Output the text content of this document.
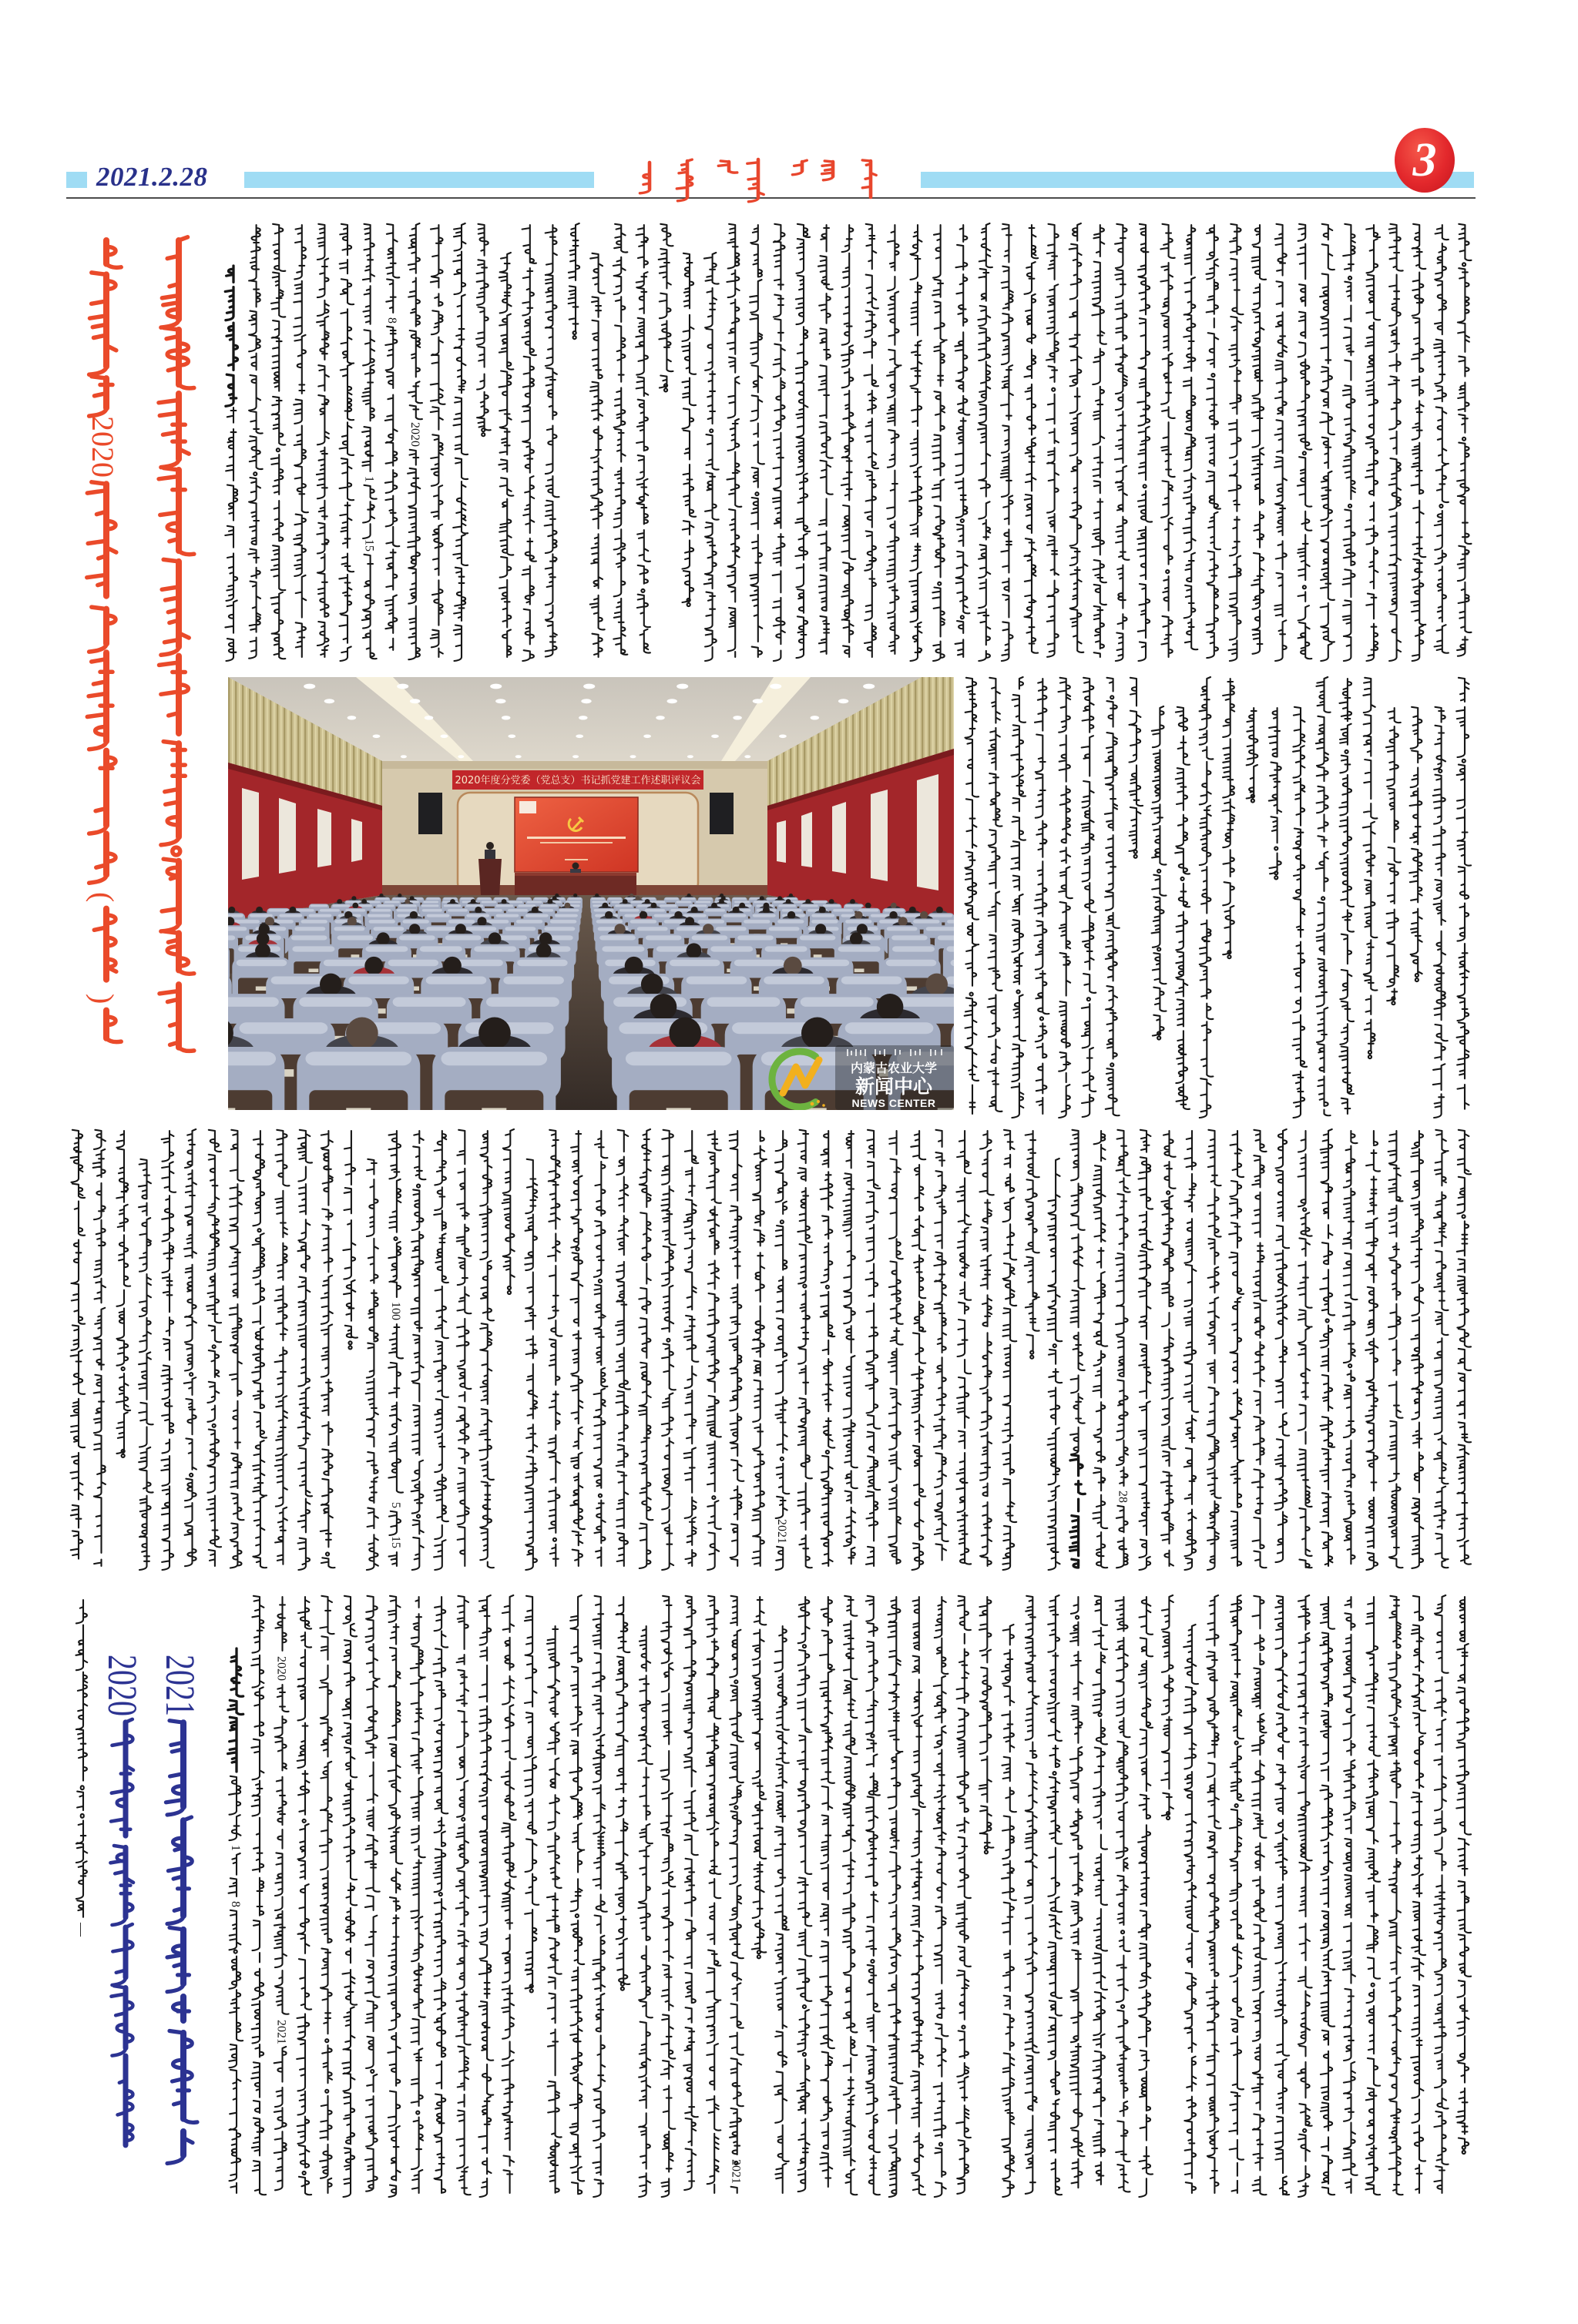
2021.2.28	3
2020年度分党委（党总支）书记抓党建工作述职评议会
内蒙古农业大学
新闻中心
NEWS CENTER
2020
(
)
2020 2021
—
8
2020
1
15
100
5
15	2021
28
1
8
2020
2021
2021
